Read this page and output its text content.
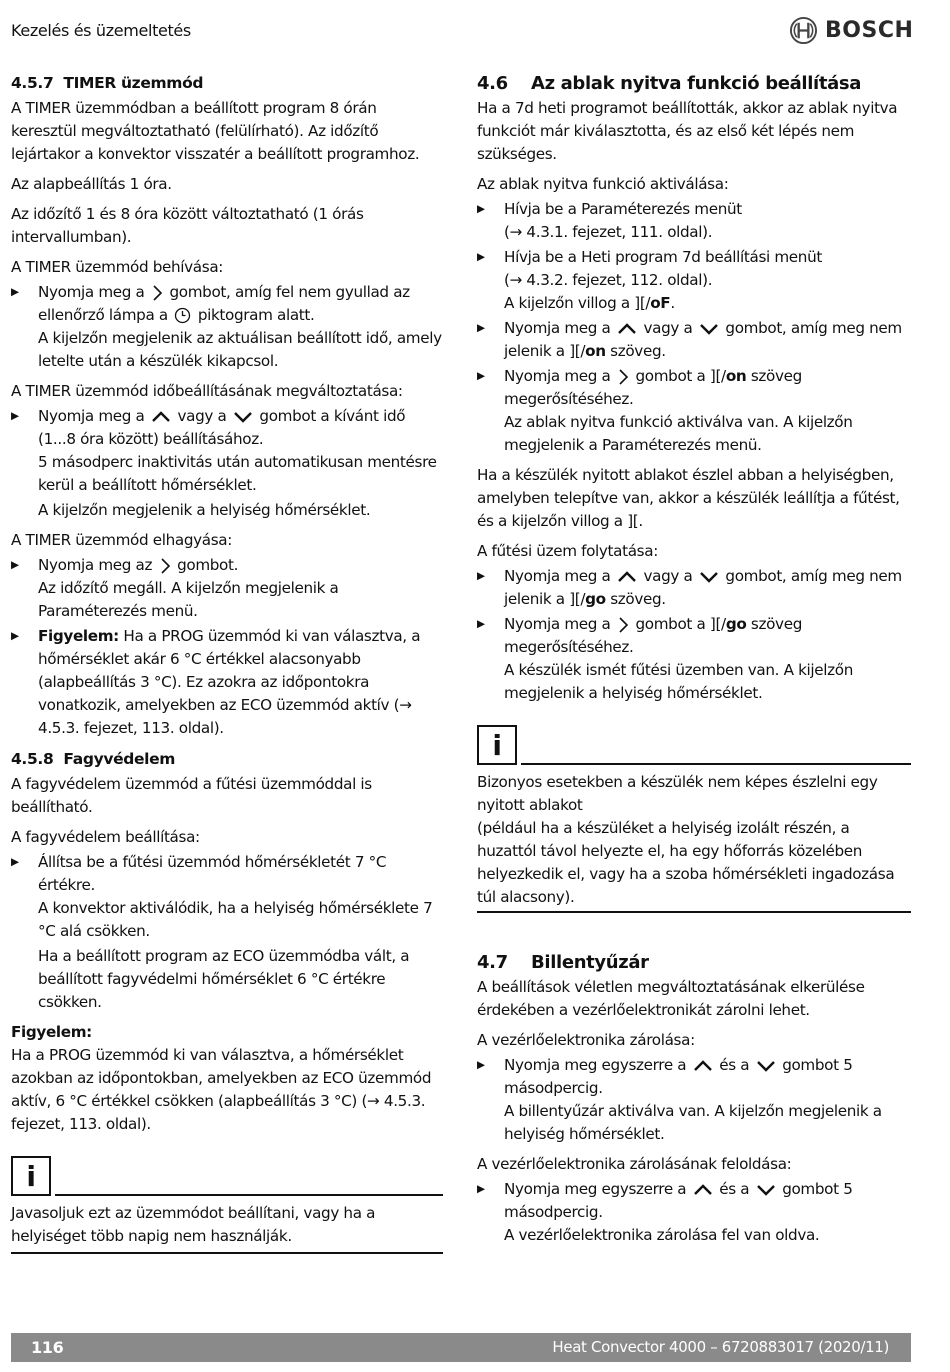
Kezelés és üzemeltetés	BOSCH
4.5.7 TIMER üzemmód

A TIMER üzemmódban a beállított program 8 órán keresztül megváltoztatható (felülírható). Az időzítő lejártakor a konvektor visszatér a beállított programhoz.

Az alapbeállítás 1 óra.

Az időzítő 1 és 8 óra között változtatható (1 órás intervallumban).

A TIMER üzemmód behívása:

▶ Nyomja meg a gombot, amíg fel nem gyullad az ellenőrző lámpa a piktogram alatt.
A kijelzőn megjelenik az aktuálisan beállított idő, amely letelte után a készülék kikapcsol.

A TIMER üzemmód időbeállításának megváltoztatása:

▶ Nyomja meg a vagy a gombot a kívánt idő (1...8 óra között) beállításához.
5 másodperc inaktivitás után automatikusan mentésre kerül a beállított hőmérséklet.
A kijelzőn megjelenik a helyiség hőmérséklet.

A TIMER üzemmód elhagyása:

▶ Nyomja meg az gombot.
Az időzítő megáll. A kijelzőn megjelenik a Paraméterezés menü.
▶ Figyelem: Ha a PROG üzemmód ki van választva, a hőmérséklet akár 6 °C értékkel alacsonyabb (alapbeállítás 3 °C). Ez azokra az időpontokra vonatkozik, amelyekben az ECO üzemmód aktív (→ 4.5.3. fejezet, 113. oldal).
4.5.8 Fagyvédelem

A fagyvédelem üzemmód a fűtési üzemmóddal is beállítható.

A fagyvédelem beállítása:

▶ Állítsa be a fűtési üzemmód hőmérsékletét 7 °C értékre.
A konvektor aktiválódik, ha a helyiség hőmérséklete 7 °C alá csökken.
Ha a beállított program az ECO üzemmódba vált, a beállított fagyvédelmi hőmérséklet 6 °C értékre csökken.
Figyelem:

Ha a PROG üzemmód ki van választva, a hőmérséklet azokban az időpontokban, amelyekben az ECO üzemmód aktív, 6 °C értékkel csökken (alapbeállítás 3 °C) (→ 4.5.3. fejezet, 113. oldal).

i
Javasoljuk ezt az üzemmódot beállítani, vagy ha a helyiséget több napig nem használják.
4.6 Az ablak nyitva funkció beállítása

Ha a 7d heti programot beállították, akkor az ablak nyitva funkciót már kiválasztotta, és az első két lépés nem szükséges.

Az ablak nyitva funkció aktiválása:

▶ Hívja be a Paraméterezés menüt
(→ 4.3.1. fejezet, 111. oldal).
▶ Hívja be a Heti program 7d beállítási menüt
(→ 4.3.2. fejezet, 112. oldal).
A kijelzőn villog a ][/oF.
▶ Nyomja meg a vagy a gombot, amíg meg nem jelenik a ][/on szöveg.
▶ Nyomja meg a gombot a ][/on szöveg megerősítéséhez.
Az ablak nyitva funkció aktiválva van. A kijelzőn megjelenik a Paraméterezés menü.

Ha a készülék nyitott ablakot észlel abban a helyiségben, amelyben telepítve van, akkor a készülék leállítja a fűtést, és a kijelzőn villog a ][.

A fűtési üzem folytatása:

▶ Nyomja meg a vagy a gombot, amíg meg nem jelenik a ][/go szöveg.
▶ Nyomja meg a gombot a ][/go szöveg megerősítéséhez.
A készülék ismét fűtési üzemben van. A kijelzőn megjelenik a helyiség hőmérséklet.
i
Bizonyos esetekben a készülék nem képes észlelni egy nyitott ablakot
(például ha a készüléket a helyiség izolált részén, a huzattól távol helyezte el, ha egy hőforrás közelében helyezkedik el, vagy ha a szoba hőmérsékleti ingadozása túl alacsony).
4.7 Billentyűzár

A beállítások véletlen megváltoztatásának elkerülése érdekében a vezérlőelektronikát zárolni lehet.

A vezérlőelektronika zárolása:

▶ Nyomja meg egyszerre a és a gombot 5 másodpercig.
A billentyűzár aktiválva van. A kijelzőn megjelenik a helyiség hőmérséklet.

A vezérlőelektronika zárolásának feloldása:

▶ Nyomja meg egyszerre a és a gombot 5 másodpercig.
A vezérlőelektronika zárolása fel van oldva.
116	Heat Convector 4000 – 6720883017 (2020/11)
